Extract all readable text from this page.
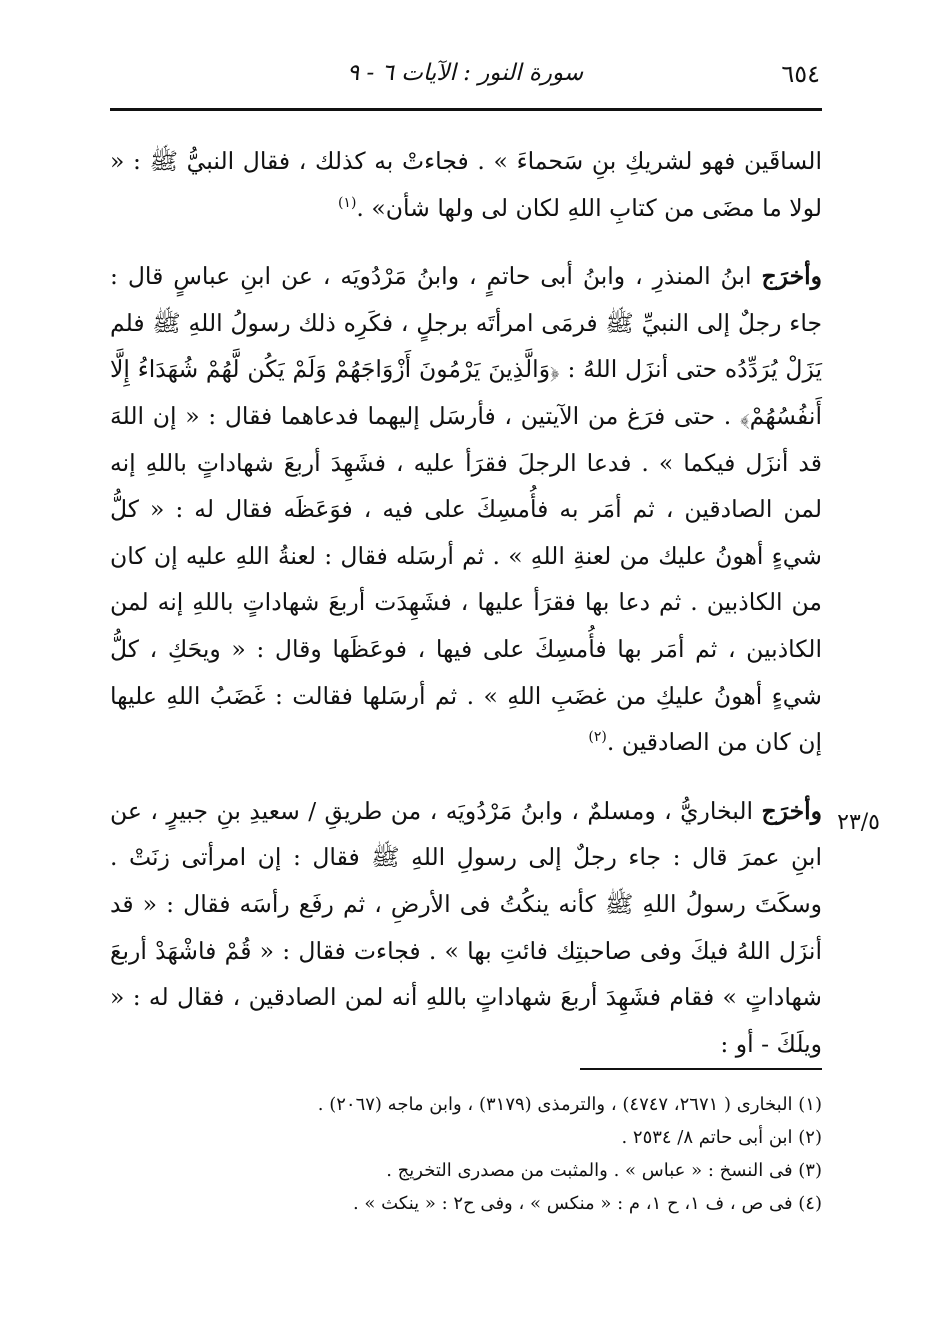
٦٥٤
سورة النور : الآيات ٦ - ٩

الساقَين فهو لشريكِ بنِ سَحماءَ » . فجاءتْ به كذلك ، فقال النبيُّ ﷺ : « لولا ما مضَى من كتابِ اللهِ لكان لى ولها شأن» .$^{(١)}$

وأخرَج ابنُ المنذرِ ، وابنُ أبى حاتمٍ ، وابنُ مَرْدُويَه ، عن ابنِ عباسٍ قال : جاء رجلٌ إلى النبيِّ ﷺ فرمَى امرأتَه برجلٍ ، فكَرِه ذلك رسولُ اللهِ ﷺ فلم يَزَلْ يُرَدِّدُه حتى أنزَل اللهُ : ﴿وَالَّذِينَ يَرْمُونَ أَزْوَاجَهُمْ وَلَمْ يَكُن لَّهُمْ شُهَدَاءُ إِلَّا أَنفُسُهُمْ﴾ . حتى فرَغ من الآيتين ، فأرسَل إليهما فدعاهما فقال : « إن اللهَ قد أنزَل فيكما » . فدعا الرجلَ فقرَأ عليه ، فشَهِدَ أربعَ شهاداتٍ باللهِ إنه لمن الصادقين ، ثم أمَر به فأُمسِكَ على فيه ، فوَعَظَه فقال له : « كلُّ شيءٍ أهونُ عليك من لعنةِ اللهِ » . ثم أرسَله فقال : لعنةُ اللهِ عليه إن كان من الكاذبين . ثم دعا بها فقرَأ عليها ، فشَهِدَت أربعَ شهاداتٍ باللهِ إنه لمن الكاذبين ، ثم أمَر بها فأُمسِكَ على فيها ، فوعَظَها وقال : « ويحَكِ ، كلُّ شيءٍ أهونُ عليكِ من غضَبِ اللهِ » . ثم أرسَلها فقالت : غَضَبُ اللهِ عليها إن كان من الصادقين .$^{(٢)}$

وأخرَج البخاريُّ ، ومسلمٌ ، وابنُ مَرْدُويَه ، من طريقِ / سعيدِ بنِ جبيرٍ ، عن ابنِ عمرَ قال : جاء رجلٌ إلى رسولِ اللهِ ﷺ فقال : إن امرأتى زنَتْ . وسكَتَ رسولُ اللهِ ﷺ كأنه ينكُتُ فى الأرضِ ، ثم رفَع رأسَه فقال : « قد أنزَل اللهُ فيكَ وفى صاحبتِك فائتِ بها » . فجاءت فقال : « قُمْ فاشْهَدْ أربعَ شهاداتٍ » فقام فشَهِدَ أربعَ شهاداتٍ باللهِ أنه لمن الصادقين ، فقال له : « ويلَكَ - أو :

٢٣/٥

(١) البخارى ( ٢٦٧١، ٤٧٤٧) ، والترمذى (٣١٧٩) ، وابن ماجه (٢٠٦٧) .

(٢) ابن أبى حاتم ٨/ ٢٥٣٤ .

(٣) فى النسخ : « عباس » . والمثبت من مصدرى التخريج .

(٤) فى ص ، ف ١، ح ١، م : « منكس » ، وفى ح٢ : « ينكث » .
